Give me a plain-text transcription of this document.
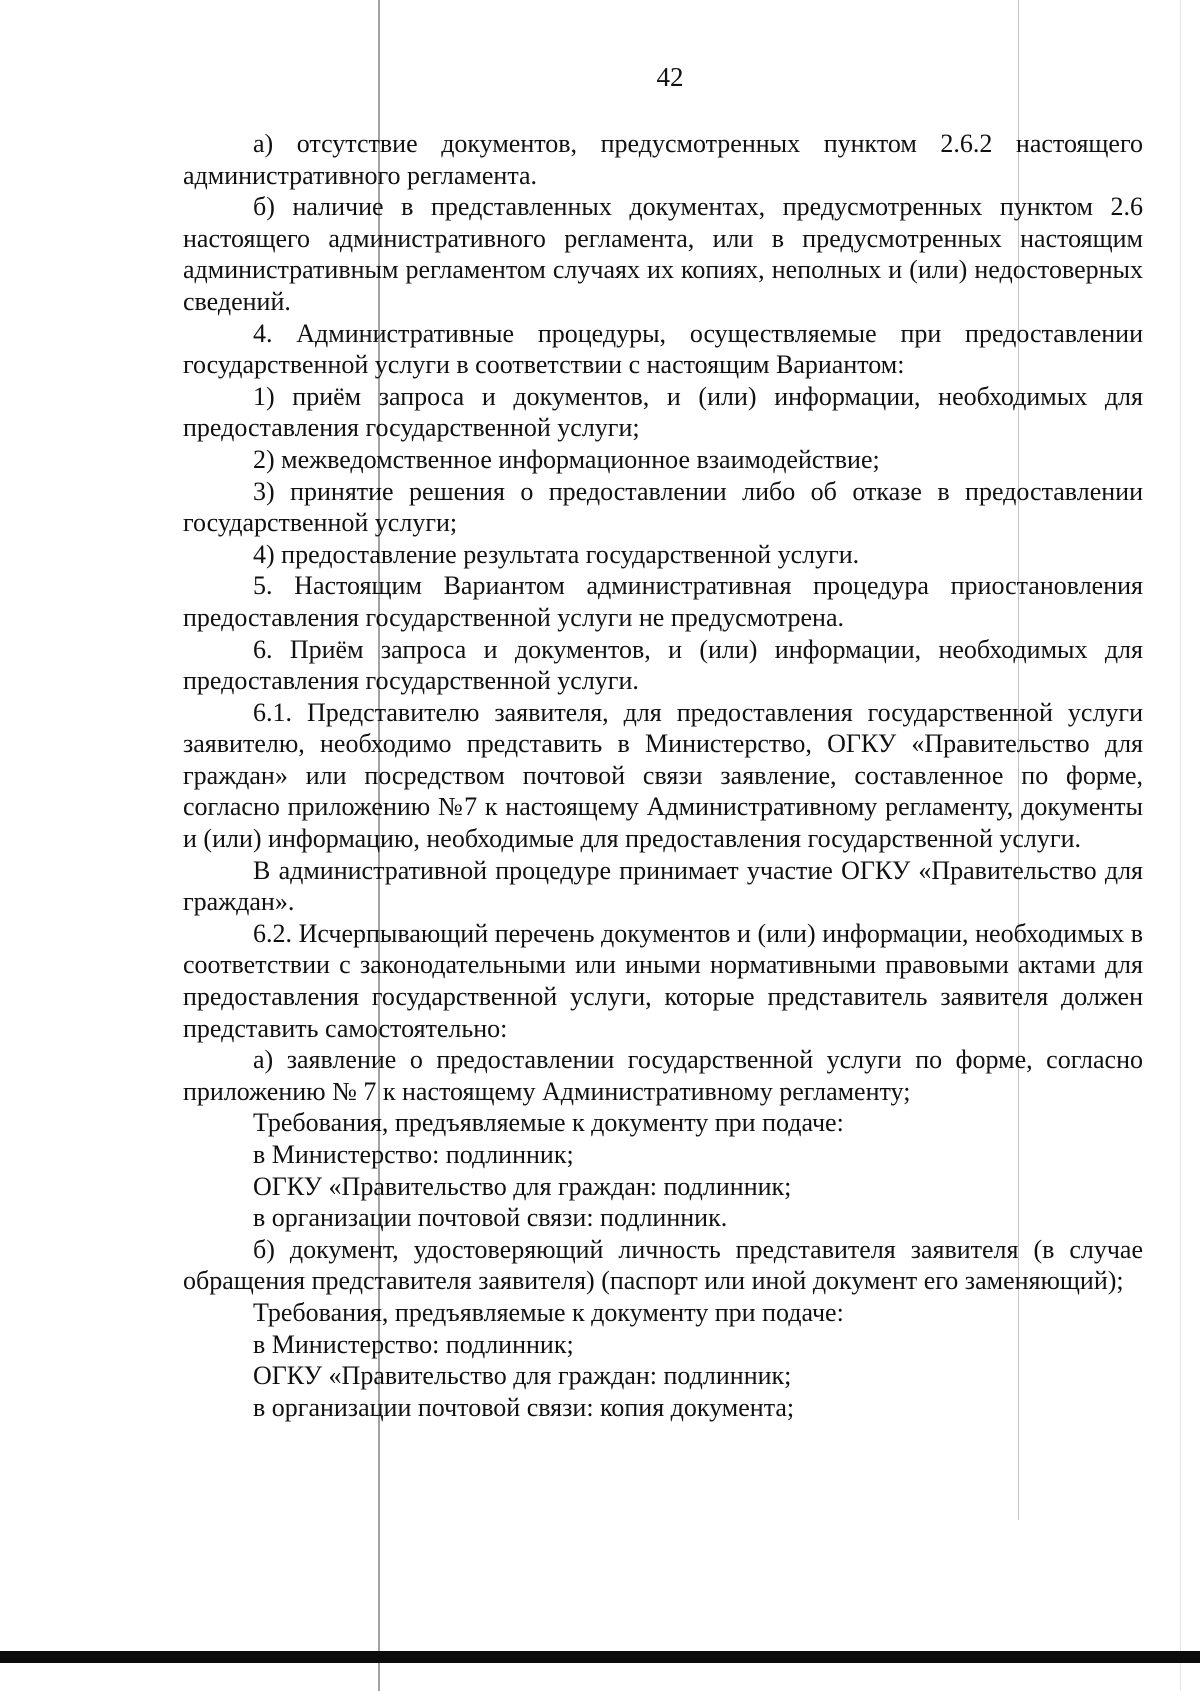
42

а) отсутствие документов, предусмотренных пунктом 2.6.2 настоящего административного регламента.

б) наличие в представленных документах, предусмотренных пунктом 2.6 настоящего административного регламента, или в предусмотренных настоящим административным регламентом случаях их копиях, неполных и (или) недостоверных сведений.

4. Административные процедуры, осуществляемые при предоставлении государственной услуги в соответствии с настоящим Вариантом:

1) приём запроса и документов, и (или) информации, необходимых для предоставления государственной услуги;

2) межведомственное информационное взаимодействие;

3) принятие решения о предоставлении либо об отказе в предоставлении государственной услуги;

4) предоставление результата государственной услуги.

5. Настоящим Вариантом административная процедура приостановления предоставления государственной услуги не предусмотрена.

6. Приём запроса и документов, и (или) информации, необходимых для предоставления государственной услуги.

6.1. Представителю заявителя, для предоставления государственной услуги заявителю, необходимо представить в Министерство, ОГКУ «Правительство для граждан» или посредством почтовой связи заявление, составленное по форме, согласно приложению №7 к настоящему Административному регламенту, документы и (или) информацию, необходимые для предоставления государственной услуги.

В административной процедуре принимает участие ОГКУ «Правительство для граждан».

6.2. Исчерпывающий перечень документов и (или) информации, необходимых в соответствии с законодательными или иными нормативными правовыми актами для предоставления государственной услуги, которые представитель заявителя должен представить самостоятельно:

а) заявление о предоставлении государственной услуги по форме, согласно приложению № 7 к настоящему Административному регламенту;

Требования, предъявляемые к документу при подаче:

в Министерство: подлинник;

ОГКУ «Правительство для граждан: подлинник;

в организации почтовой связи: подлинник.

б) документ, удостоверяющий личность представителя заявителя (в случае обращения представителя заявителя) (паспорт или иной документ его заменяющий);

Требования, предъявляемые к документу при подаче:

в Министерство: подлинник;

ОГКУ «Правительство для граждан: подлинник;

в организации почтовой связи: копия документа;
